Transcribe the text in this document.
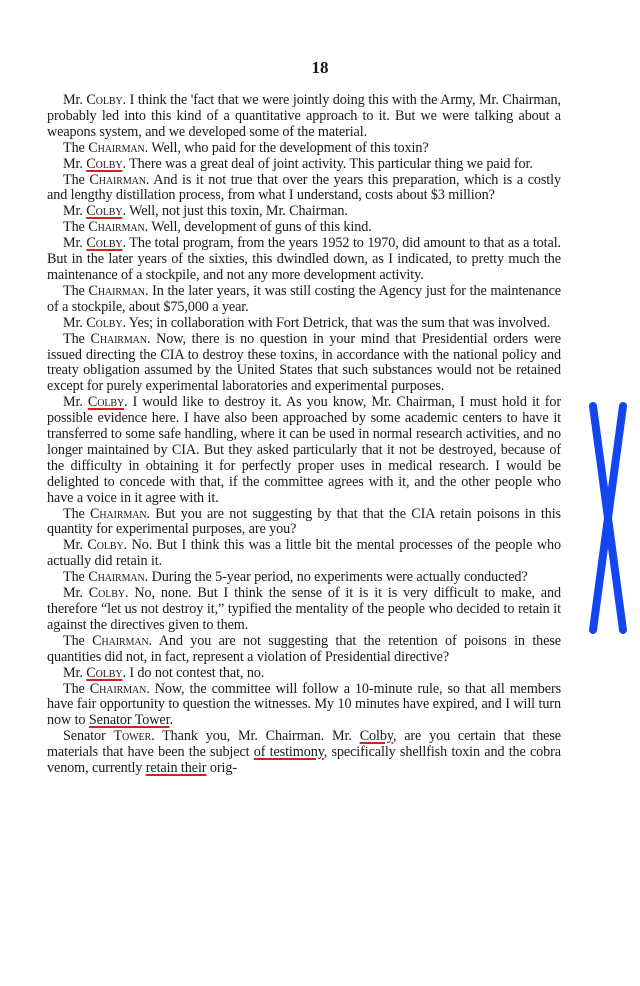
18

Mr. Colby. I think the 'fact that we were jointly doing this with the Army, Mr. Chairman, probably led into this kind of a quantitative approach to it. But we were talking about a weapons system, and we developed some of the material.

The Chairman. Well, who paid for the development of this toxin?

Mr. Colby. There was a great deal of joint activity. This particular thing we paid for.

The Chairman. And is it not true that over the years this preparation, which is a costly and lengthy distillation process, from what I understand, costs about $3 million?

Mr. Colby. Well, not just this toxin, Mr. Chairman.

The Chairman. Well, development of guns of this kind.

Mr. Colby. The total program, from the years 1952 to 1970, did amount to that as a total. But in the later years of the sixties, this dwindled down, as I indicated, to pretty much the maintenance of a stockpile, and not any more development activity.

The Chairman. In the later years, it was still costing the Agency just for the maintenance of a stockpile, about $75,000 a year.

Mr. Colby. Yes; in collaboration with Fort Detrick, that was the sum that was involved.

The Chairman. Now, there is no question in your mind that Presidential orders were issued directing the CIA to destroy these toxins, in accordance with the national policy and treaty obligation assumed by the United States that such substances would not be retained except for purely experimental laboratories and experimental purposes.

Mr. Colby. I would like to destroy it. As you know, Mr. Chairman, I must hold it for possible evidence here. I have also been approached by some academic centers to have it transferred to some safe handling, where it can be used in normal research activities, and no longer maintained by CIA. But they asked particularly that it not be destroyed, because of the difficulty in obtaining it for perfectly proper uses in medical research. I would be delighted to concede with that, if the committee agrees with it, and the other people who have a voice in it agree with it.

The Chairman. But you are not suggesting by that that the CIA retain poisons in this quantity for experimental purposes, are you?

Mr. Colby. No. But I think this was a little bit the mental processes of the people who actually did retain it.

The Chairman. During the 5-year period, no experiments were actually conducted?

Mr. Colby. No, none. But I think the sense of it is it is very difficult to make, and therefore “let us not destroy it,” typified the mentality of the people who decided to retain it against the directives given to them.

The Chairman. And you are not suggesting that the retention of poisons in these quantities did not, in fact, represent a violation of Presidential directive?

Mr. Colby. I do not contest that, no.

The Chairman. Now, the committee will follow a 10-minute rule, so that all members have fair opportunity to question the witnesses. My 10 minutes have expired, and I will turn now to Senator Tower.

Senator Tower. Thank you, Mr. Chairman. Mr. Colby, are you certain that these materials that have been the subject of testimony, specifically shellfish toxin and the cobra venom, currently retain their orig-
